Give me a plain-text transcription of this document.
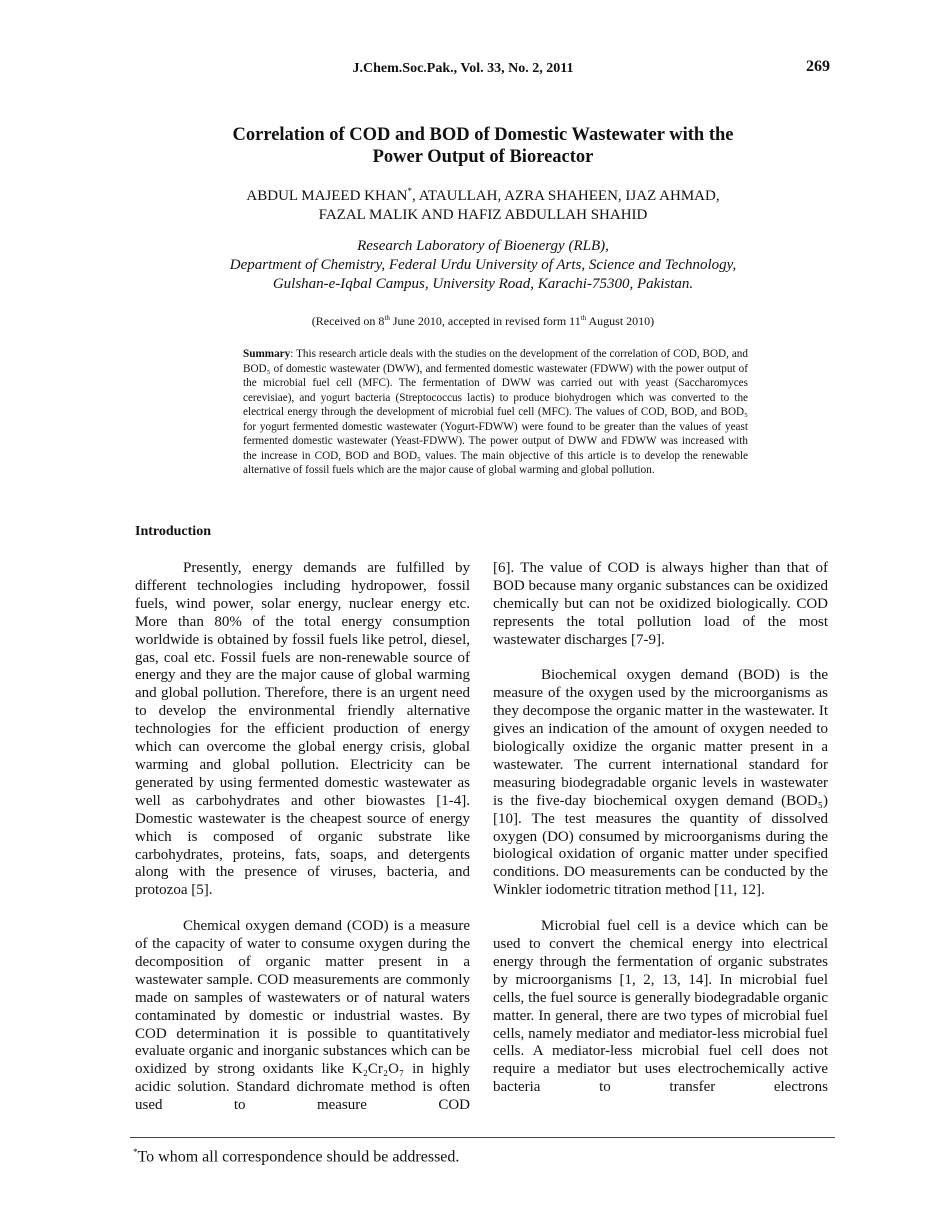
J.Chem.Soc.Pak., Vol. 33, No. 2, 2011	269
Correlation of COD and BOD of Domestic Wastewater with the
Power Output of Bioreactor
ABDUL MAJEED KHAN*, ATAULLAH, AZRA SHAHEEN, IJAZ AHMAD,
FAZAL MALIK AND HAFIZ ABDULLAH SHAHID
Research Laboratory of Bioenergy (RLB),
Department of Chemistry, Federal Urdu University of Arts, Science and Technology,
Gulshan-e-Iqbal Campus, University Road, Karachi-75300, Pakistan.
(Received on 8th June 2010, accepted in revised form 11th August 2010)
Summary: This research article deals with the studies on the development of the correlation of COD, BOD, and BOD₅ of domestic wastewater (DWW), and fermented domestic wastewater (FDWW) with the power output of the microbial fuel cell (MFC). The fermentation of DWW was carried out with yeast (Saccharomyces cerevisiae), and yogurt bacteria (Streptococcus lactis) to produce biohydrogen which was converted to the electrical energy through the development of microbial fuel cell (MFC). The values of COD, BOD, and BOD₅ for yogurt fermented domestic wastewater (Yogurt-FDWW) were found to be greater than the values of yeast fermented domestic wastewater (Yeast-FDWW). The power output of DWW and FDWW was increased with the increase in COD, BOD and BOD₅ values. The main objective of this article is to develop the renewable alternative of fossil fuels which are the major cause of global warming and global pollution.
Introduction

Presently, energy demands are fulfilled by different technologies including hydropower, fossil fuels, wind power, solar energy, nuclear energy etc. More than 80% of the total energy consumption worldwide is obtained by fossil fuels like petrol, diesel, gas, coal etc. Fossil fuels are non-renewable source of energy and they are the major cause of global warming and global pollution. Therefore, there is an urgent need to develop the environmental friendly alternative technologies for the efficient production of energy which can overcome the global energy crisis, global warming and global pollution. Electricity can be generated by using fermented domestic wastewater as well as carbohydrates and other biowastes [1-4]. Domestic wastewater is the cheapest source of energy which is composed of organic substrate like carbohydrates, proteins, fats, soaps, and detergents along with the presence of viruses, bacteria, and protozoa [5].

Chemical oxygen demand (COD) is a measure of the capacity of water to consume oxygen during the decomposition of organic matter present in a wastewater sample. COD measurements are commonly made on samples of wastewaters or of natural waters contaminated by domestic or industrial wastes. By COD determination it is possible to quantitatively evaluate organic and inorganic substances which can be oxidized by strong oxidants like K₂Cr₂O₇ in highly acidic solution. Standard dichromate method is often used to measure COD

[6]. The value of COD is always higher than that of BOD because many organic substances can be oxidized chemically but can not be oxidized biologically. COD represents the total pollution load of the most wastewater discharges [7-9].

Biochemical oxygen demand (BOD) is the measure of the oxygen used by the microorganisms as they decompose the organic matter in the wastewater. It gives an indication of the amount of oxygen needed to biologically oxidize the organic matter present in a wastewater. The current international standard for measuring biodegradable organic levels in wastewater is the five-day biochemical oxygen demand (BOD₅) [10]. The test measures the quantity of dissolved oxygen (DO) consumed by microorganisms during the biological oxidation of organic matter under specified conditions. DO measurements can be conducted by the Winkler iodometric titration method [11, 12].

Microbial fuel cell is a device which can be used to convert the chemical energy into electrical energy through the fermentation of organic substrates by microorganisms [1, 2, 13, 14]. In microbial fuel cells, the fuel source is generally biodegradable organic matter. In general, there are two types of microbial fuel cells, namely mediator and mediator-less microbial fuel cells. A mediator-less microbial fuel cell does not require a mediator but uses electrochemically active bacteria to transfer electrons

*To whom all correspondence should be addressed.
